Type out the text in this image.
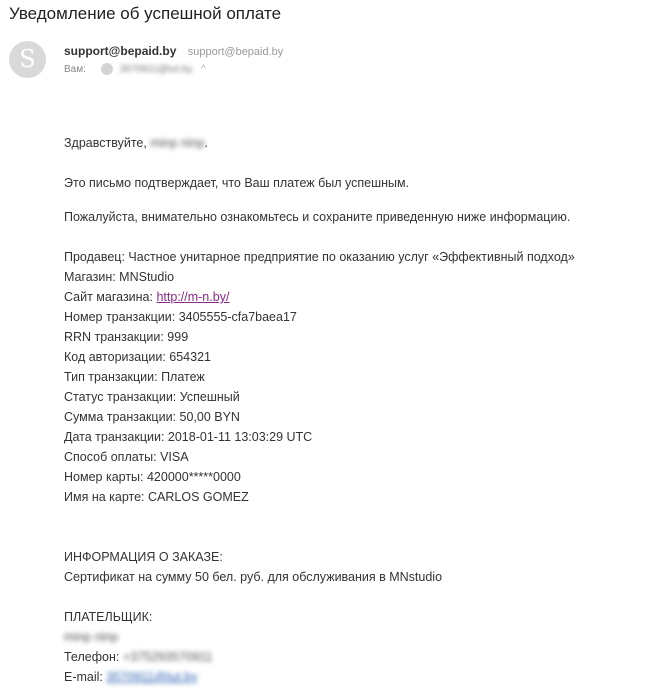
Уведомление об успешной оплате
S	support@bepaid.by support@bepaid.by
Вам:	3570911@tut.by ^
Здравствуйте, minp ninp.
Это письмо подтверждает, что Ваш платеж был успешным.
Пожалуйста, внимательно ознакомьтесь и сохраните приведенную ниже информацию.
Продавец: Частное унитарное предприятие по оказанию услуг «Эффективный подход»
Магазин: MNStudio
Сайт магазина: http://m-n.by/
Номер транзакции: 3405555-cfa7baea17
RRN транзакции: 999
Код авторизации: 654321
Тип транзакции: Платеж
Статус транзакции: Успешный
Сумма транзакции: 50,00 BYN
Дата транзакции: 2018-01-11 13:03:29 UTC
Способ оплаты: VISA
Номер карты: 420000*****0000
Имя на карте: CARLOS GOMEZ
ИНФОРМАЦИЯ О ЗАКАЗЕ:
Сертификат на сумму 50 бел. руб. для обслуживания в MNstudio
ПЛАТЕЛЬЩИК:
minp ninp
Телефон: +375293570911
E-mail: 3570911@tut.by
